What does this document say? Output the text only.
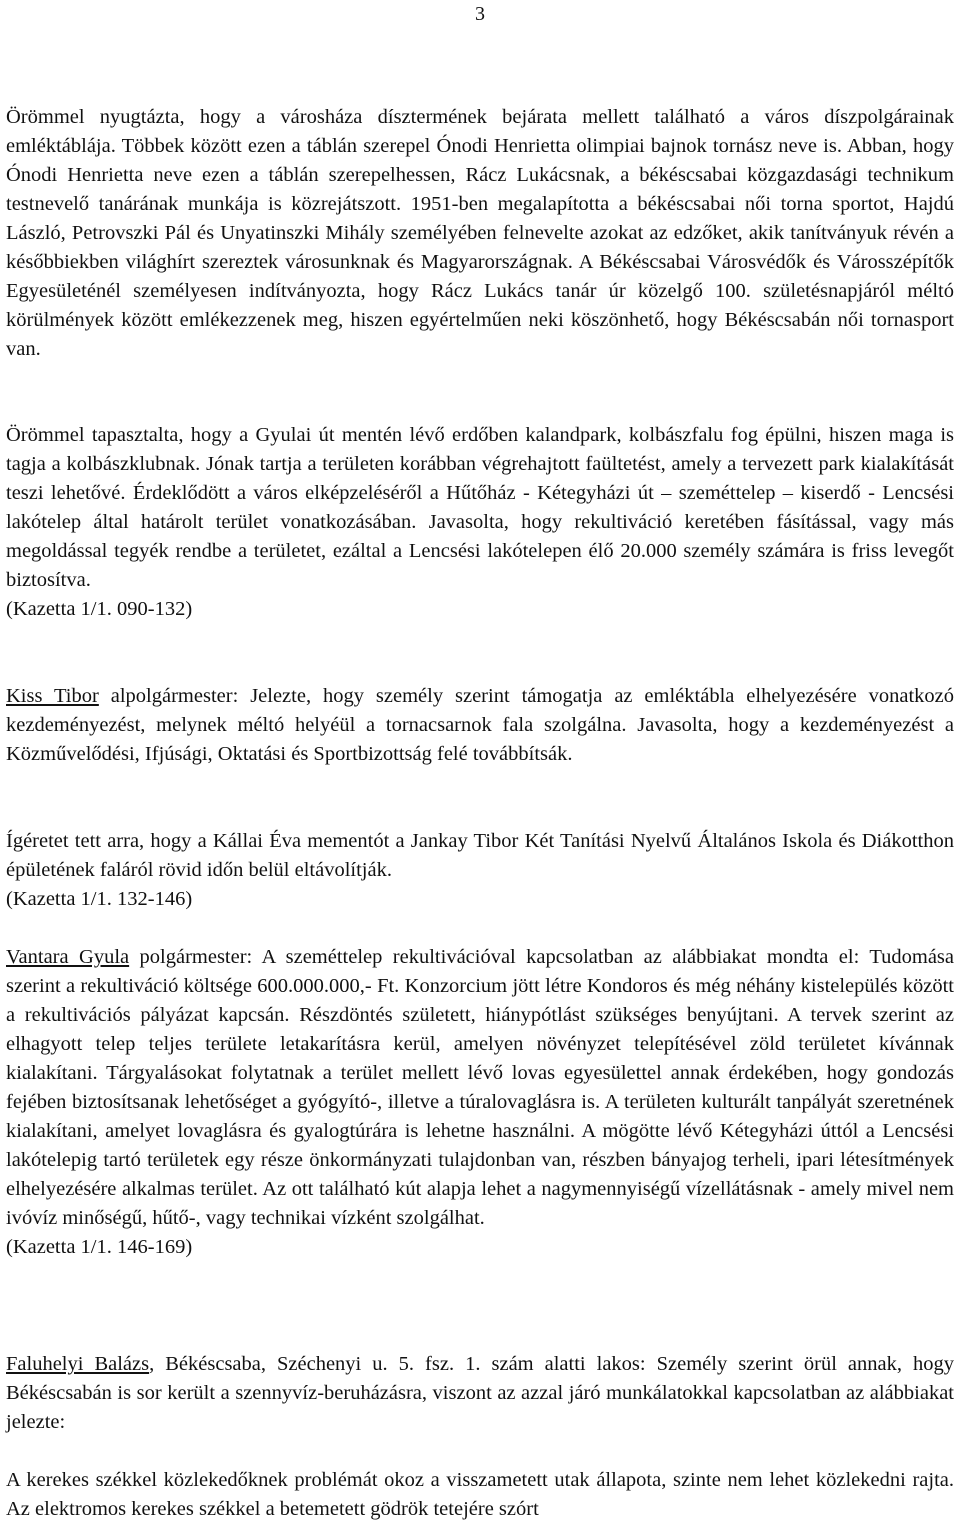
3

Örömmel nyugtázta, hogy a városháza dísztermének bejárata mellett található a város díszpolgárainak emléktáblája. Többek között ezen a táblán szerepel Ónodi Henrietta olimpiai bajnok tornász neve is. Abban, hogy Ónodi Henrietta neve ezen a táblán szerepelhessen, Rácz Lukácsnak, a békéscsabai közgazdasági technikum testnevelő tanárának munkája is közrejátszott. 1951-ben megalapította a békéscsabai női torna sportot, Hajdú László, Petrovszki Pál és Unyatinszki Mihály személyében felnevelte azokat az edzőket, akik tanítványuk révén a későbbiekben világhírt szereztek városunknak és Magyarországnak. A Békéscsabai Városvédők és Városszépítők Egyesületénél személyesen indítványozta, hogy Rácz Lukács tanár úr közelgő 100. születésnapjáról méltó körülmények között emlékezzenek meg, hiszen egyértelműen neki köszönhető, hogy Békéscsabán női tornasport van.

Örömmel tapasztalta, hogy a Gyulai út mentén lévő erdőben kalandpark, kolbászfalu fog épülni, hiszen maga is tagja a kolbászklubnak. Jónak tartja a területen korábban végrehajtott faültetést, amely a tervezett park kialakítását teszi lehetővé. Érdeklődött a város elképzeléséről a Hűtőház - Kétegyházi út – szeméttelep – kiserdő - Lencsési lakótelep által határolt terület vonatkozásában. Javasolta, hogy rekultiváció keretében fásítással, vagy más megoldással tegyék rendbe a területet, ezáltal a Lencsési lakótelepen élő 20.000 személy számára is friss levegőt biztosítva.

(Kazetta 1/1. 090-132)

Kiss Tibor alpolgármester: Jelezte, hogy személy szerint támogatja az emléktábla elhelyezésére vonatkozó kezdeményezést, melynek méltó helyéül a tornacsarnok fala szolgálna. Javasolta, hogy a kezdeményezést a Közművelődési, Ifjúsági, Oktatási és Sportbizottság felé továbbítsák.

Ígéretet tett arra, hogy a Kállai Éva mementót a Jankay Tibor Két Tanítási Nyelvű Általános Iskola és Diákotthon épületének faláról rövid időn belül eltávolítják.

(Kazetta 1/1. 132-146)

Vantara Gyula polgármester: A szeméttelep rekultivációval kapcsolatban az alábbiakat mondta el: Tudomása szerint a rekultiváció költsége 600.000.000,- Ft. Konzorcium jött létre Kondoros és még néhány kistelepülés között a rekultivációs pályázat kapcsán. Részdöntés született, hiánypótlást szükséges benyújtani. A tervek szerint az elhagyott telep teljes területe letakarításra kerül, amelyen növényzet telepítésével zöld területet kívánnak kialakítani. Tárgyalásokat folytatnak a terület mellett lévő lovas egyesülettel annak érdekében, hogy gondozás fejében biztosítsanak lehetőséget a gyógyító-, illetve a túralovaglásra is. A területen kulturált tanpályát szeretnének kialakítani, amelyet lovaglásra és gyalogtúrára is lehetne használni. A mögötte lévő Kétegyházi úttól a Lencsési lakótelepig tartó területek egy része önkormányzati tulajdonban van, részben bányajog terheli, ipari létesítmények elhelyezésére alkalmas terület. Az ott található kút alapja lehet a nagymennyiségű vízellátásnak - amely mivel nem ivóvíz minőségű, hűtő-, vagy technikai vízként szolgálhat.

(Kazetta 1/1. 146-169)

Faluhelyi Balázs, Békéscsaba, Széchenyi u. 5. fsz. 1. szám alatti lakos: Személy szerint örül annak, hogy Békéscsabán is sor került a szennyvíz-beruházásra, viszont az azzal járó munkálatokkal kapcsolatban az alábbiakat jelezte:

A kerekes székkel közlekedőknek problémát okoz a visszametett utak állapota, szinte nem lehet közlekedni rajta. Az elektromos kerekes székkel a betemetett gödrök tetejére szórt
